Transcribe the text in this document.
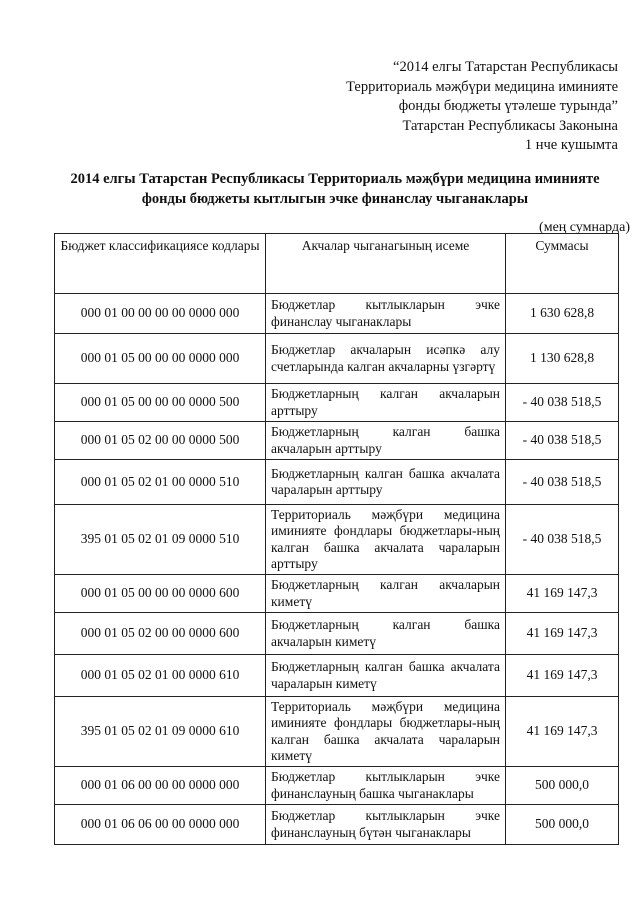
“2014 елгы Татарстан Республикасы
Территориаль мәҗбүри медицина иминияте
фонды бюджеты үтәлеше турында”
Татарстан Республикасы Законына
1 нче кушымта
2014 елгы Татарстан Республикасы Территориаль мәҗбүри медицина иминияте
фонды бюджеты кытлыгын эчке финанслау чыганаклары
(мең сумнарда)
Бюджет классификациясе кодлары	Акчалар чыганагының исеме	Суммасы
000 01 00 00 00 00 0000 000	Бюджетлар кытлыкларын эчке финанслау чыганаклары	1 630 628,8
000 01 05 00 00 00 0000 000	Бюджетлар акчаларын исәпкә алу счетларында калган акчаларны үзгәртү	1 130 628,8
000 01 05 00 00 00 0000 500	Бюджетларның калган акчаларын арттыру	- 40 038 518,5
000 01 05 02 00 00 0000 500	Бюджетларның калган башка акчаларын арттыру	- 40 038 518,5
000 01 05 02 01 00 0000 510	Бюджетларның калган башка акчалата чараларын арттыру	- 40 038 518,5
395 01 05 02 01 09 0000 510	Территориаль мәҗбүри медицина иминияте фондлары бюджетлары-ның калган башка акчалата чараларын арттыру	- 40 038 518,5
000 01 05 00 00 00 0000 600	Бюджетларның калган акчаларын киметү	41 169 147,3
000 01 05 02 00 00 0000 600	Бюджетларның калган башка акчаларын киметү	41 169 147,3
000 01 05 02 01 00 0000 610	Бюджетларның калган башка акчалата чараларын киметү	41 169 147,3
395 01 05 02 01 09 0000 610	Территориаль мәҗбүри медицина иминияте фондлары бюджетлары-ның калган башка акчалата чараларын киметү	41 169 147,3
000 01 06 00 00 00 0000 000	Бюджетлар кытлыкларын эчке финанслауның башка чыганаклары	500 000,0
000 01 06 06 00 00 0000 000	Бюджетлар кытлыкларын эчке финанслауның бүтән чыганаклары	500 000,0
